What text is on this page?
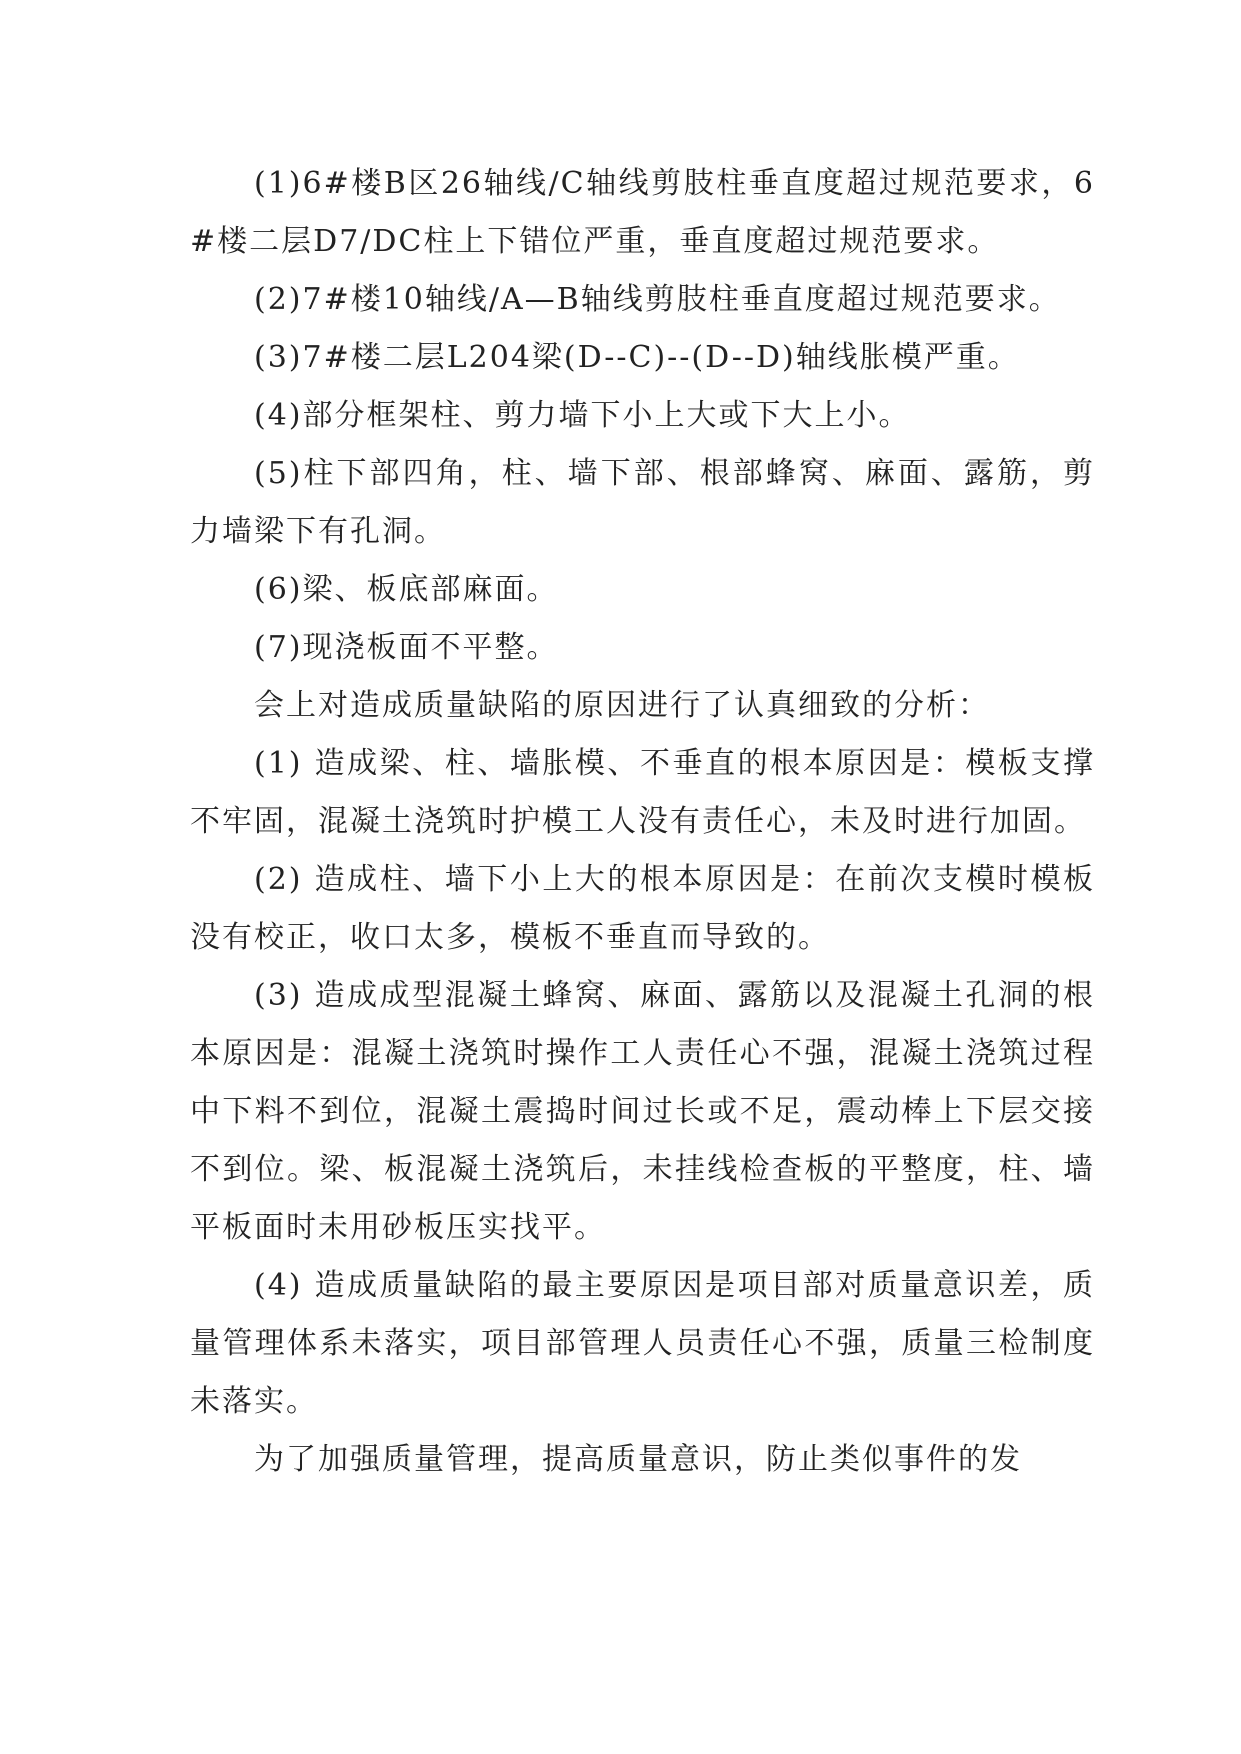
(1)6#楼B区26轴线/C轴线剪肢柱垂直度超过规范要求，6#楼二层D7/DC柱上下错位严重，垂直度超过规范要求。

(2)7#楼10轴线/A—B轴线剪肢柱垂直度超过规范要求。

(3)7#楼二层L204梁(D--C)--(D--D)轴线胀模严重。

(4)部分框架柱、剪力墙下小上大或下大上小。

(5)柱下部四角，柱、墙下部、根部蜂窝、麻面、露筋，剪力墙梁下有孔洞。

(6)梁、板底部麻面。

(7)现浇板面不平整。

会上对造成质量缺陷的原因进行了认真细致的分析：

(1) 造成梁、柱、墙胀模、不垂直的根本原因是：模板支撑不牢固，混凝土浇筑时护模工人没有责任心，未及时进行加固。

(2) 造成柱、墙下小上大的根本原因是：在前次支模时模板没有校正，收口太多，模板不垂直而导致的。

(3) 造成成型混凝土蜂窝、麻面、露筋以及混凝土孔洞的根本原因是：混凝土浇筑时操作工人责任心不强，混凝土浇筑过程中下料不到位，混凝土震捣时间过长或不足，震动棒上下层交接不到位。梁、板混凝土浇筑后，未挂线检查板的平整度，柱、墙平板面时未用砂板压实找平。

(4) 造成质量缺陷的最主要原因是项目部对质量意识差，质量管理体系未落实，项目部管理人员责任心不强，质量三检制度未落实。

为了加强质量管理，提高质量意识，防止类似事件的发
